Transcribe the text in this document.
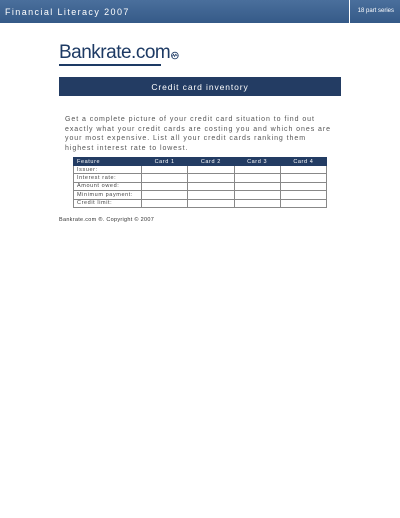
Financial Literacy 2007	18 part series
Bankrate.com
Credit card inventory

Get a complete picture of your credit card situation to find out exactly what your credit cards are costing you and which ones are your most expensive. List all your credit cards ranking them highest interest rate to lowest.

Feature	Card 1	Card 2	Card 3	Card 4
Issuer:				
Interest rate:				
Amount owed:				
Minimum payment:				
Credit limit:				
Bankrate.com ®. Copyright © 2007
